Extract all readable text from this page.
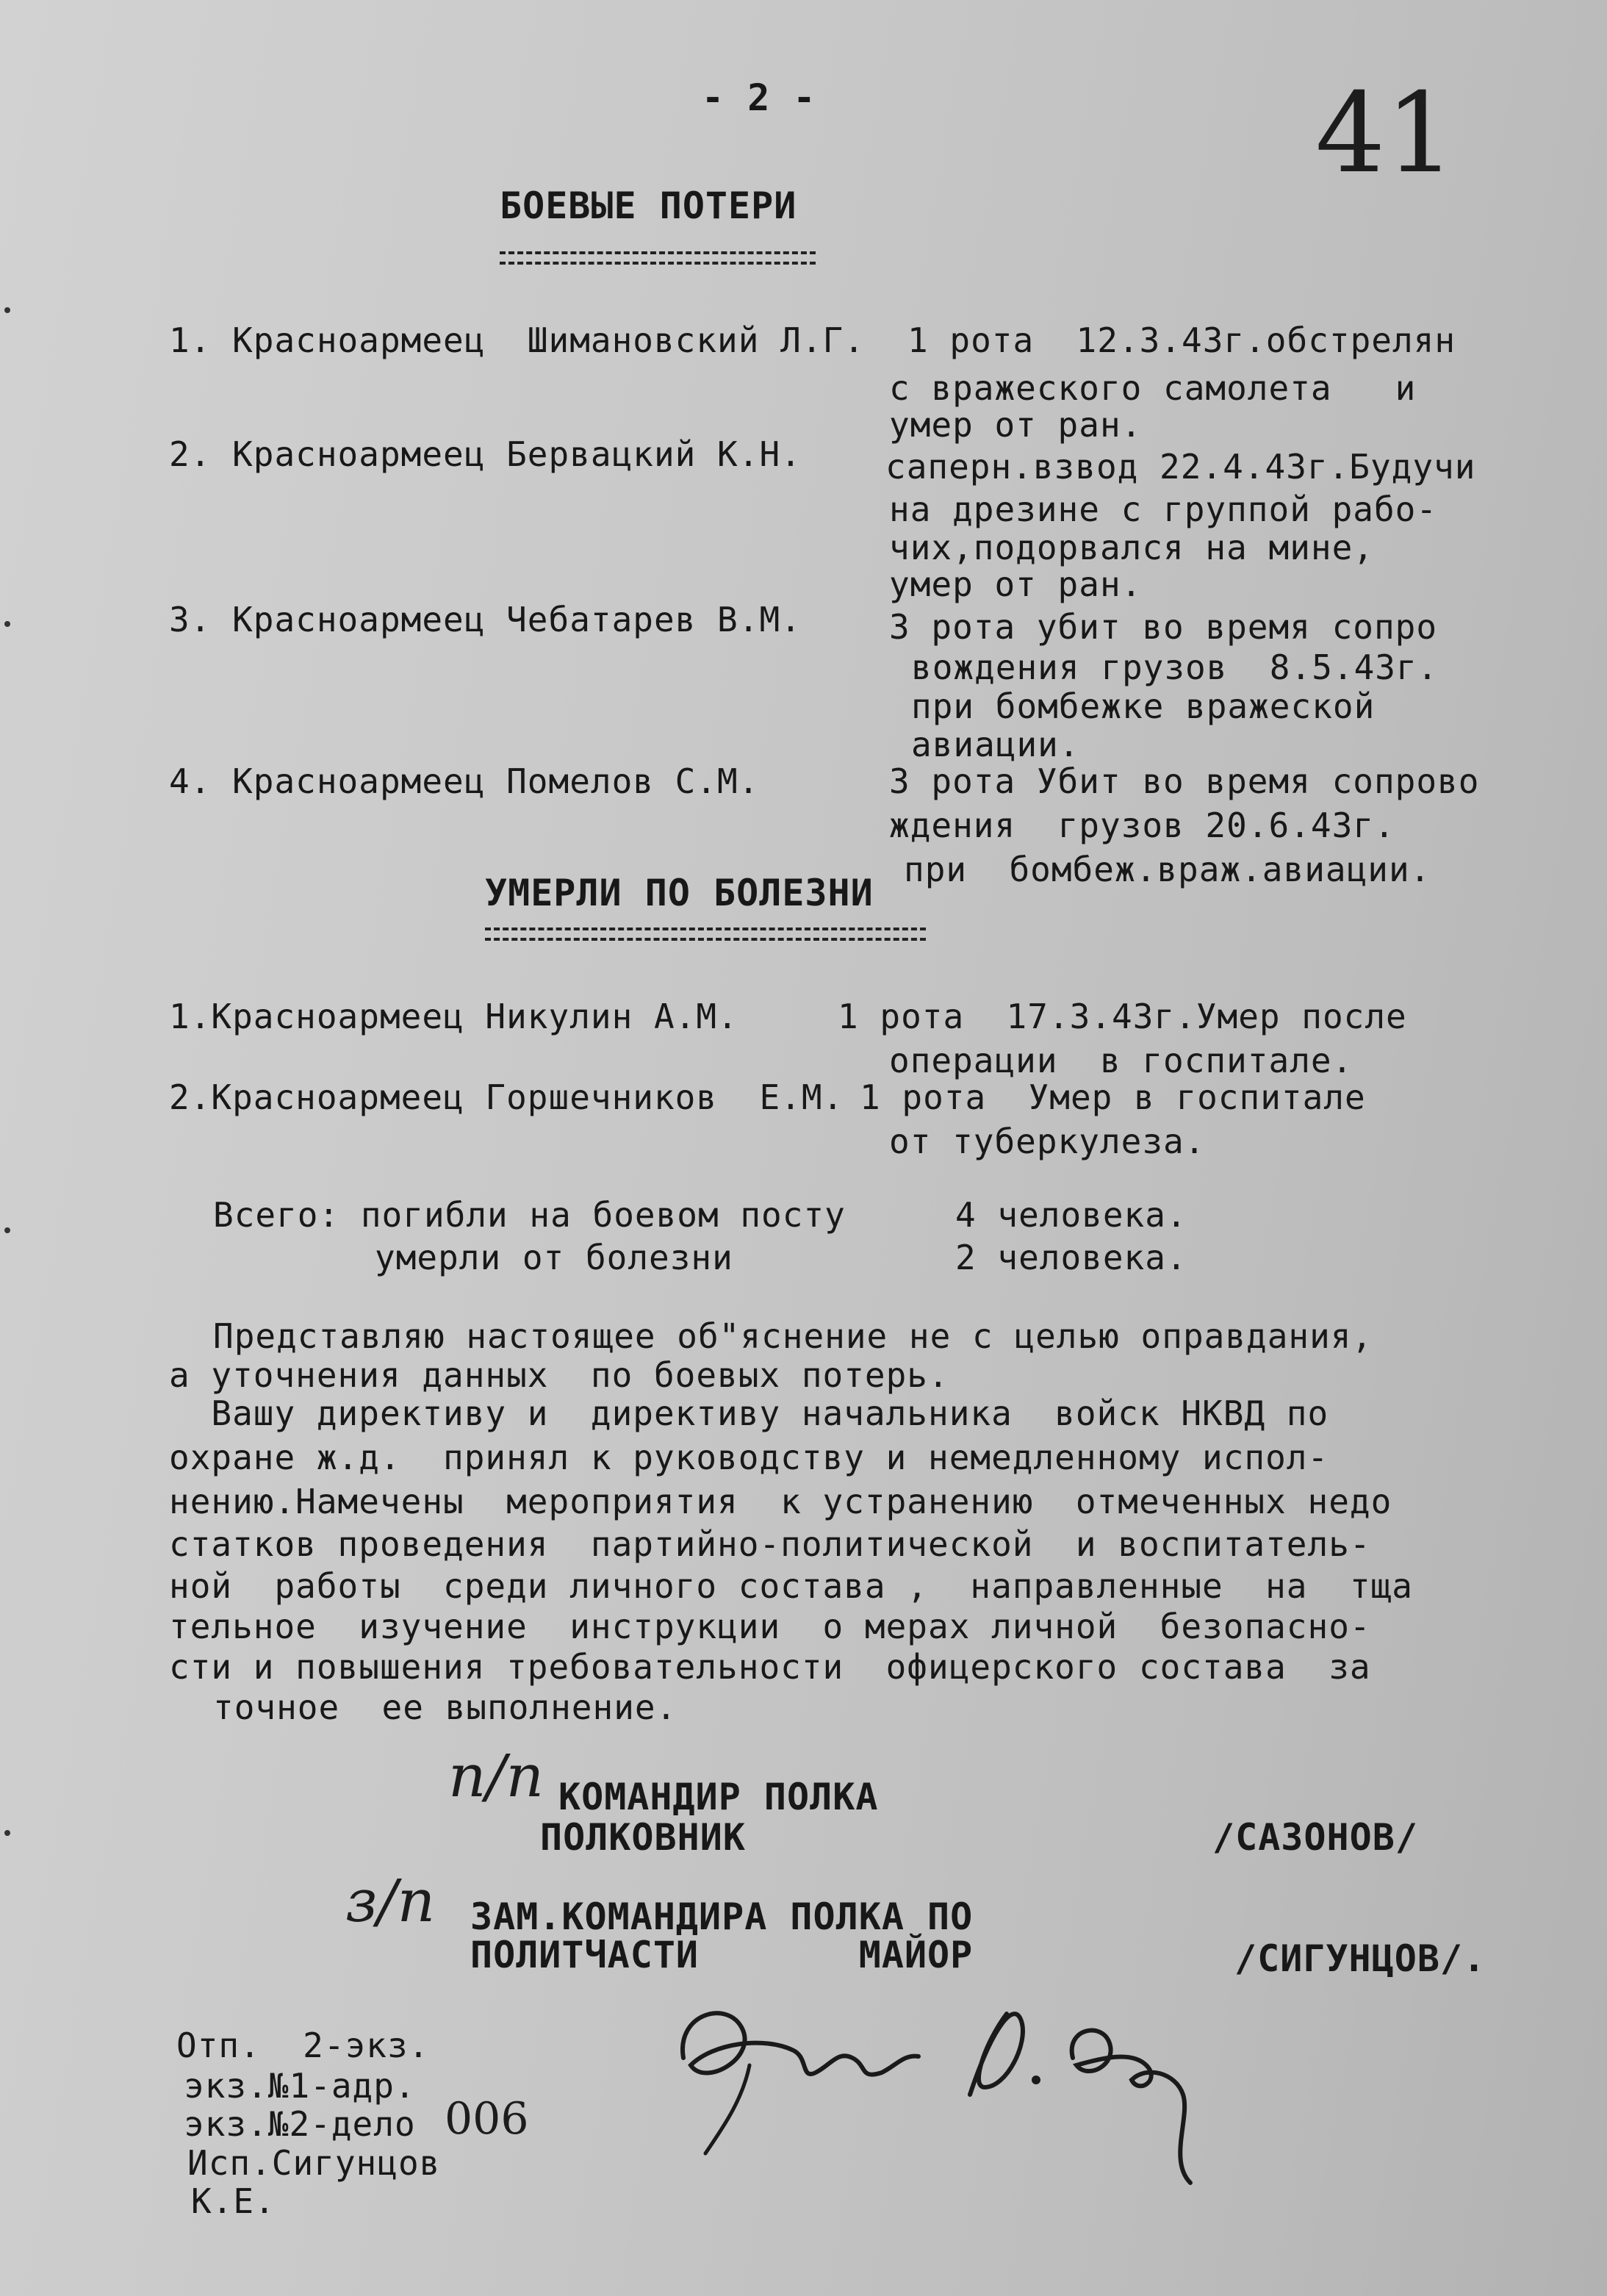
- 2 -	41
БОЕВЫЕ ПОТЕРИ
1. Красноармеец  Шимановский Л.Г. 1 рота  12.3.43г.обстрелян
с вражеского самолета   и
умер от ран.
2. Красноармеец Бервацкий К.Н. саперн.взвод 22.4.43г.Будучи
на дрезине с группой рабо-
чих,подорвался на мине,
умер от ран.
3. Красноармеец Чебатарев В.М.	3 рота убит во время сопро
вождения грузов  8.5.43г.
при бомбежке вражеской
авиации.
4. Красноармеец Помелов С.М.	3 рота Убит во время сопрово
ждения  грузов 20.6.43г.
при  бомбеж.враж.авиации.
УМЕРЛИ ПО БОЛЕЗНИ
1.Красноармеец Никулин А.М.	1 рота  17.3.43г.Умер после
операции  в госпитале.
2.Красноармеец Горшечников  Е.М. 1 рота  Умер в госпитале
от туберкулеза.
Всего: погибли на боевом посту	4 человека.
умерли от болезни	2 человека.
Представляю настоящее об"яснение не с целью оправдания,
а уточнения данных  по боевых потерь.
Вашу директиву и  директиву начальника  войск НКВД по
охране ж.д.  принял к руководству и немедленному испол-
нению.Намечены  мероприятия  к устранению  отмеченных недо
статков проведения  партийно-политической  и воспитатель-
ной  работы  среди личного состава ,  направленные  на  тща
тельное  изучение  инструкции  о мерах личной  безопасно-
сти и повышения требовательности  офицерского состава  за
точное  ее выполнение.
п/п КОМАНДИР ПОЛКА
ПОЛКОВНИК	/САЗОНОВ/
з/п ЗАМ.КОМАНДИРА ПОЛКА ПО
ПОЛИТЧАСТИ       МАЙОР	/СИГУНЦОВ/.
Отп.  2-экз.
экз.№1-адр.
экз.№2-дело 006
Исп.Сигунцов
К.Е.
